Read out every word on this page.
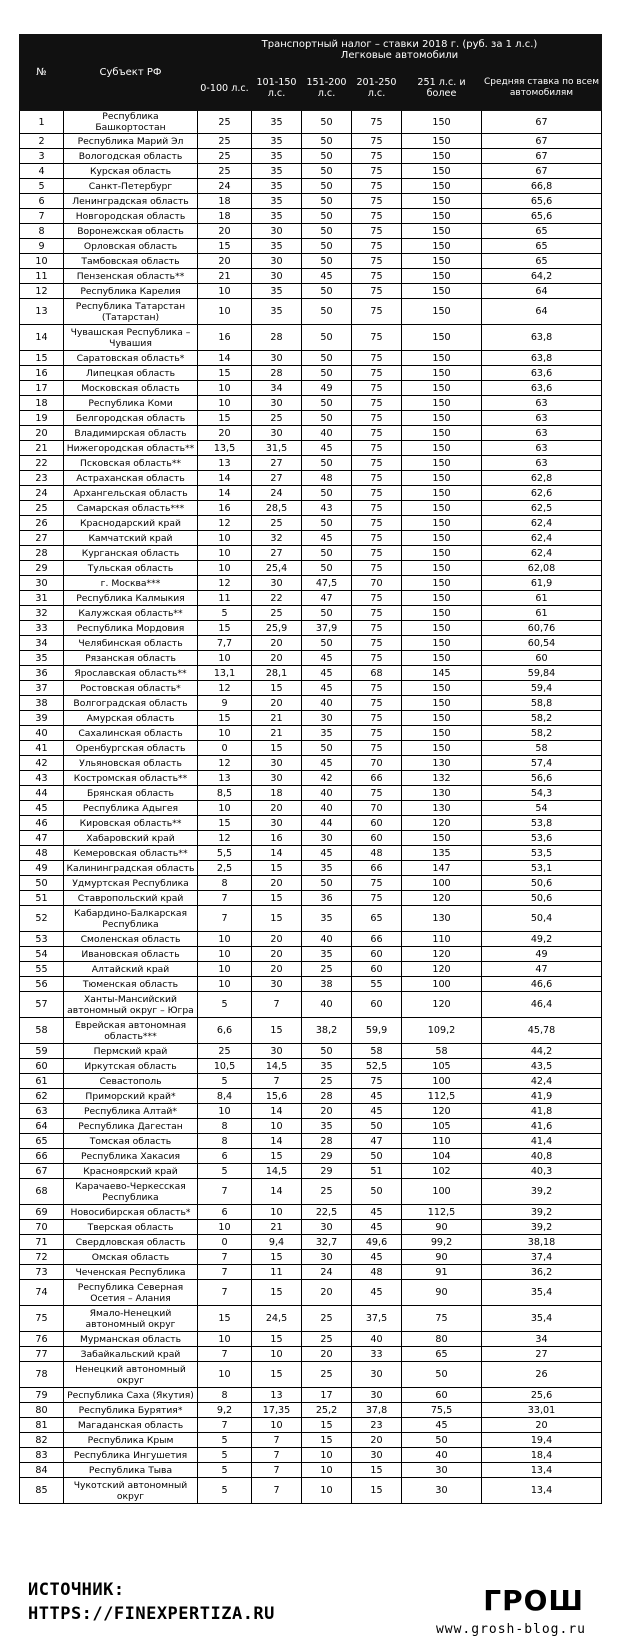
№	Субъект РФ	Транспортный налог – ставки 2018 г. (руб. за 1 л.с.)
Легковые автомобили					

		0-100 л.с.	101-150 л.с.	151-200 л.с.	201-250 л.с.	251 л.с. и более	Средняя ставка по всем автомобилям
1	Республика Башкортостан	25	35	50	75	150	67
2	Республика Марий Эл	25	35	50	75	150	67
3	Вологодская область	25	35	50	75	150	67
4	Курская область	25	35	50	75	150	67
5	Санкт-Петербург	24	35	50	75	150	66,8
6	Ленинградская область	18	35	50	75	150	65,6
7	Новгородская область	18	35	50	75	150	65,6
8	Воронежская область	20	30	50	75	150	65
9	Орловская область	15	35	50	75	150	65
10	Тамбовская область	20	30	50	75	150	65
11	Пензенская область**	21	30	45	75	150	64,2
12	Республика Карелия	10	35	50	75	150	64
13	Республика Татарстан (Татарстан)	10	35	50	75	150	64
14	Чувашская Республика – Чувашия	16	28	50	75	150	63,8
15	Саратовская область*	14	30	50	75	150	63,8
16	Липецкая область	15	28	50	75	150	63,6
17	Московская область	10	34	49	75	150	63,6
18	Республика Коми	10	30	50	75	150	63
19	Белгородская область	15	25	50	75	150	63
20	Владимирская область	20	30	40	75	150	63
21	Нижегородская область**	13,5	31,5	45	75	150	63
22	Псковская область**	13	27	50	75	150	63
23	Астраханская область	14	27	48	75	150	62,8
24	Архангельская область	14	24	50	75	150	62,6
25	Самарская область***	16	28,5	43	75	150	62,5
26	Краснодарский край	12	25	50	75	150	62,4
27	Камчатский край	10	32	45	75	150	62,4
28	Курганская область	10	27	50	75	150	62,4
29	Тульская область	10	25,4	50	75	150	62,08
30	г. Москва***	12	30	47,5	70	150	61,9
31	Республика Калмыкия	11	22	47	75	150	61
32	Калужская область**	5	25	50	75	150	61
33	Республика Мордовия	15	25,9	37,9	75	150	60,76
34	Челябинская область	7,7	20	50	75	150	60,54
35	Рязанская область	10	20	45	75	150	60
36	Ярославская область**	13,1	28,1	45	68	145	59,84
37	Ростовская область*	12	15	45	75	150	59,4
38	Волгоградская область	9	20	40	75	150	58,8
39	Амурская область	15	21	30	75	150	58,2
40	Сахалинская область	10	21	35	75	150	58,2
41	Оренбургская область	0	15	50	75	150	58
42	Ульяновская область	12	30	45	70	130	57,4
43	Костромская область**	13	30	42	66	132	56,6
44	Брянская область	8,5	18	40	75	130	54,3
45	Республика Адыгея	10	20	40	70	130	54
46	Кировская область**	15	30	44	60	120	53,8
47	Хабаровский край	12	16	30	60	150	53,6
48	Кемеровская область**	5,5	14	45	48	135	53,5
49	Калининградская область	2,5	15	35	66	147	53,1
50	Удмуртская Республика	8	20	50	75	100	50,6
51	Ставропольский край	7	15	36	75	120	50,6
52	Кабардино-Балкарская Республика	7	15	35	65	130	50,4
53	Смоленская область	10	20	40	66	110	49,2
54	Ивановская область	10	20	35	60	120	49
55	Алтайский край	10	20	25	60	120	47
56	Тюменская область	10	30	38	55	100	46,6
57	Ханты-Мансийский автономный округ – Югра	5	7	40	60	120	46,4
58	Еврейская автономная область***	6,6	15	38,2	59,9	109,2	45,78
59	Пермский край	25	30	50	58	58	44,2
60	Иркутская область	10,5	14,5	35	52,5	105	43,5
61	Севастополь	5	7	25	75	100	42,4
62	Приморский край*	8,4	15,6	28	45	112,5	41,9
63	Республика Алтай*	10	14	20	45	120	41,8
64	Республика Дагестан	8	10	35	50	105	41,6
65	Томская область	8	14	28	47	110	41,4
66	Республика Хакасия	6	15	29	50	104	40,8
67	Красноярский край	5	14,5	29	51	102	40,3
68	Карачаево-Черкесская Республика	7	14	25	50	100	39,2
69	Новосибирская область*	6	10	22,5	45	112,5	39,2
70	Тверская область	10	21	30	45	90	39,2
71	Свердловская область	0	9,4	32,7	49,6	99,2	38,18
72	Омская область	7	15	30	45	90	37,4
73	Чеченская Республика	7	11	24	48	91	36,2
74	Республика Северная Осетия – Алания	7	15	20	45	90	35,4
75	Ямало-Ненецкий автономный округ	15	24,5	25	37,5	75	35,4
76	Мурманская область	10	15	25	40	80	34
77	Забайкальский край	7	10	20	33	65	27
78	Ненецкий автономный округ	10	15	25	30	50	26
79	Республика Саха (Якутия)	8	13	17	30	60	25,6
80	Республика Бурятия*	9,2	17,35	25,2	37,8	75,5	33,01
81	Магаданская область	7	10	15	23	45	20
82	Республика Крым	5	7	15	20	50	19,4
83	Республика Ингушетия	5	7	10	30	40	18,4
84	Республика Тыва	5	7	10	15	30	13,4
85	Чукотский автономный округ	5	7	10	15	30	13,4
ИСТОЧНИК:
HTTPS://FINEXPERTIZA.RU	ГРОШ
www.grosh-blog.ru
